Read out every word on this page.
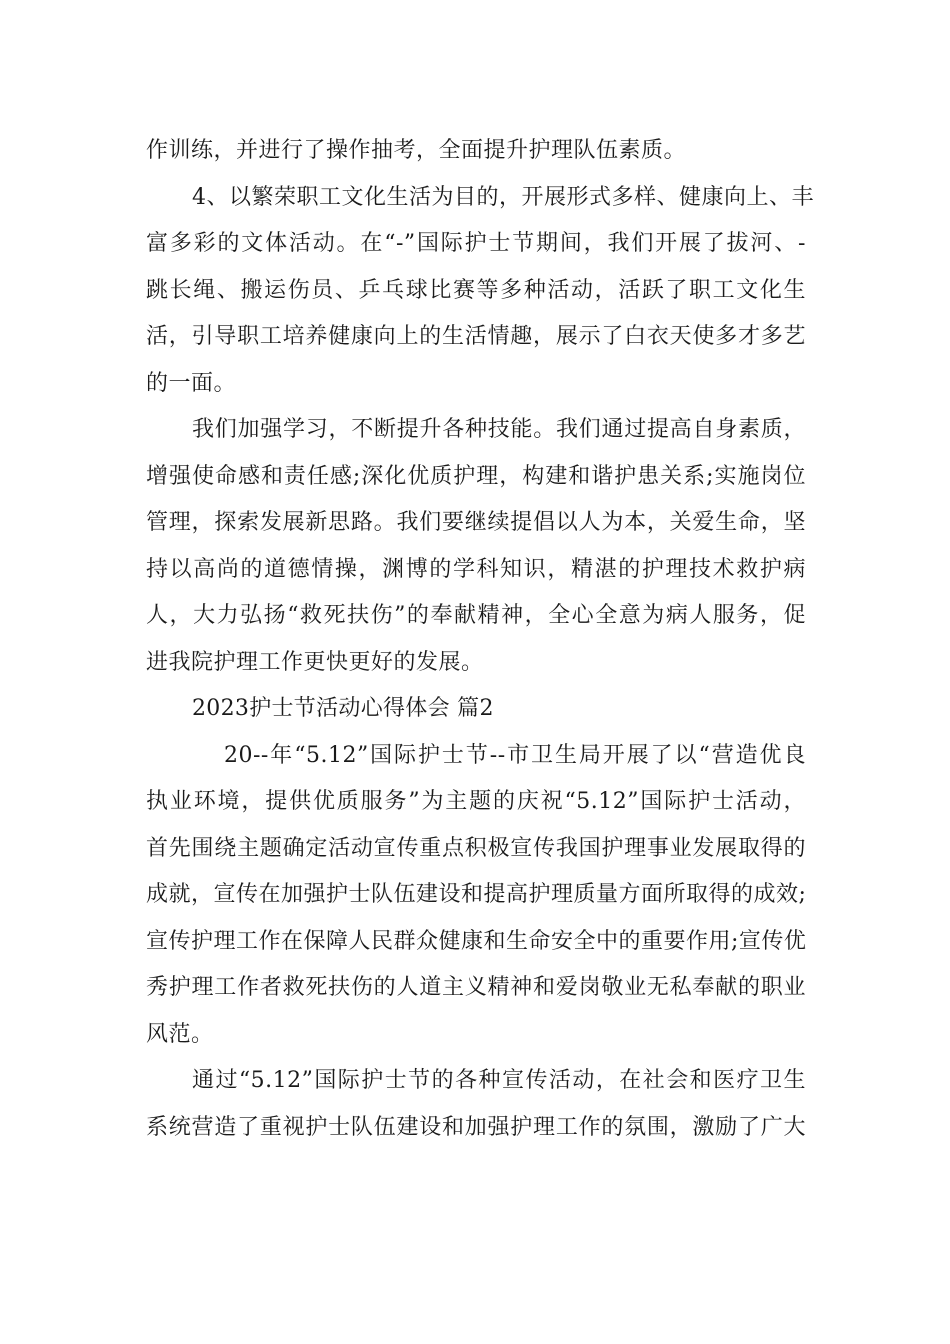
作训练，并进行了操作抽考，全面提升护理队伍素质。
4、以繁荣职工文化生活为目的，开展形式多样、健康向上、丰
富多彩的文体活动。在“-”国际护士节期间，我们开展了拔河、-
跳长绳、搬运伤员、乒乓球比赛等多种活动，活跃了职工文化生
活，引导职工培养健康向上的生活情趣，展示了白衣天使多才多艺
的一面。
我们加强学习，不断提升各种技能。我们通过提高自身素质，
增强使命感和责任感;深化优质护理，构建和谐护患关系;实施岗位
管理，探索发展新思路。我们要继续提倡以人为本，关爱生命，坚
持以高尚的道德情操，渊博的学科知识，精湛的护理技术救护病
人，大力弘扬“救死扶伤”的奉献精神，全心全意为病人服务，促
进我院护理工作更快更好的发展。
2023护士节活动心得体会 篇2
20--年“5.12”国际护士节--市卫生局开展了以“营造优良
执业环境，提供优质服务”为主题的庆祝“5.12”国际护士活动，
首先围绕主题确定活动宣传重点积极宣传我国护理事业发展取得的
成就，宣传在加强护士队伍建设和提高护理质量方面所取得的成效;
宣传护理工作在保障人民群众健康和生命安全中的重要作用;宣传优
秀护理工作者救死扶伤的人道主义精神和爱岗敬业无私奉献的职业
风范。
通过“5.12”国际护士节的各种宣传活动，在社会和医疗卫生
系统营造了重视护士队伍建设和加强护理工作的氛围，激励了广大
